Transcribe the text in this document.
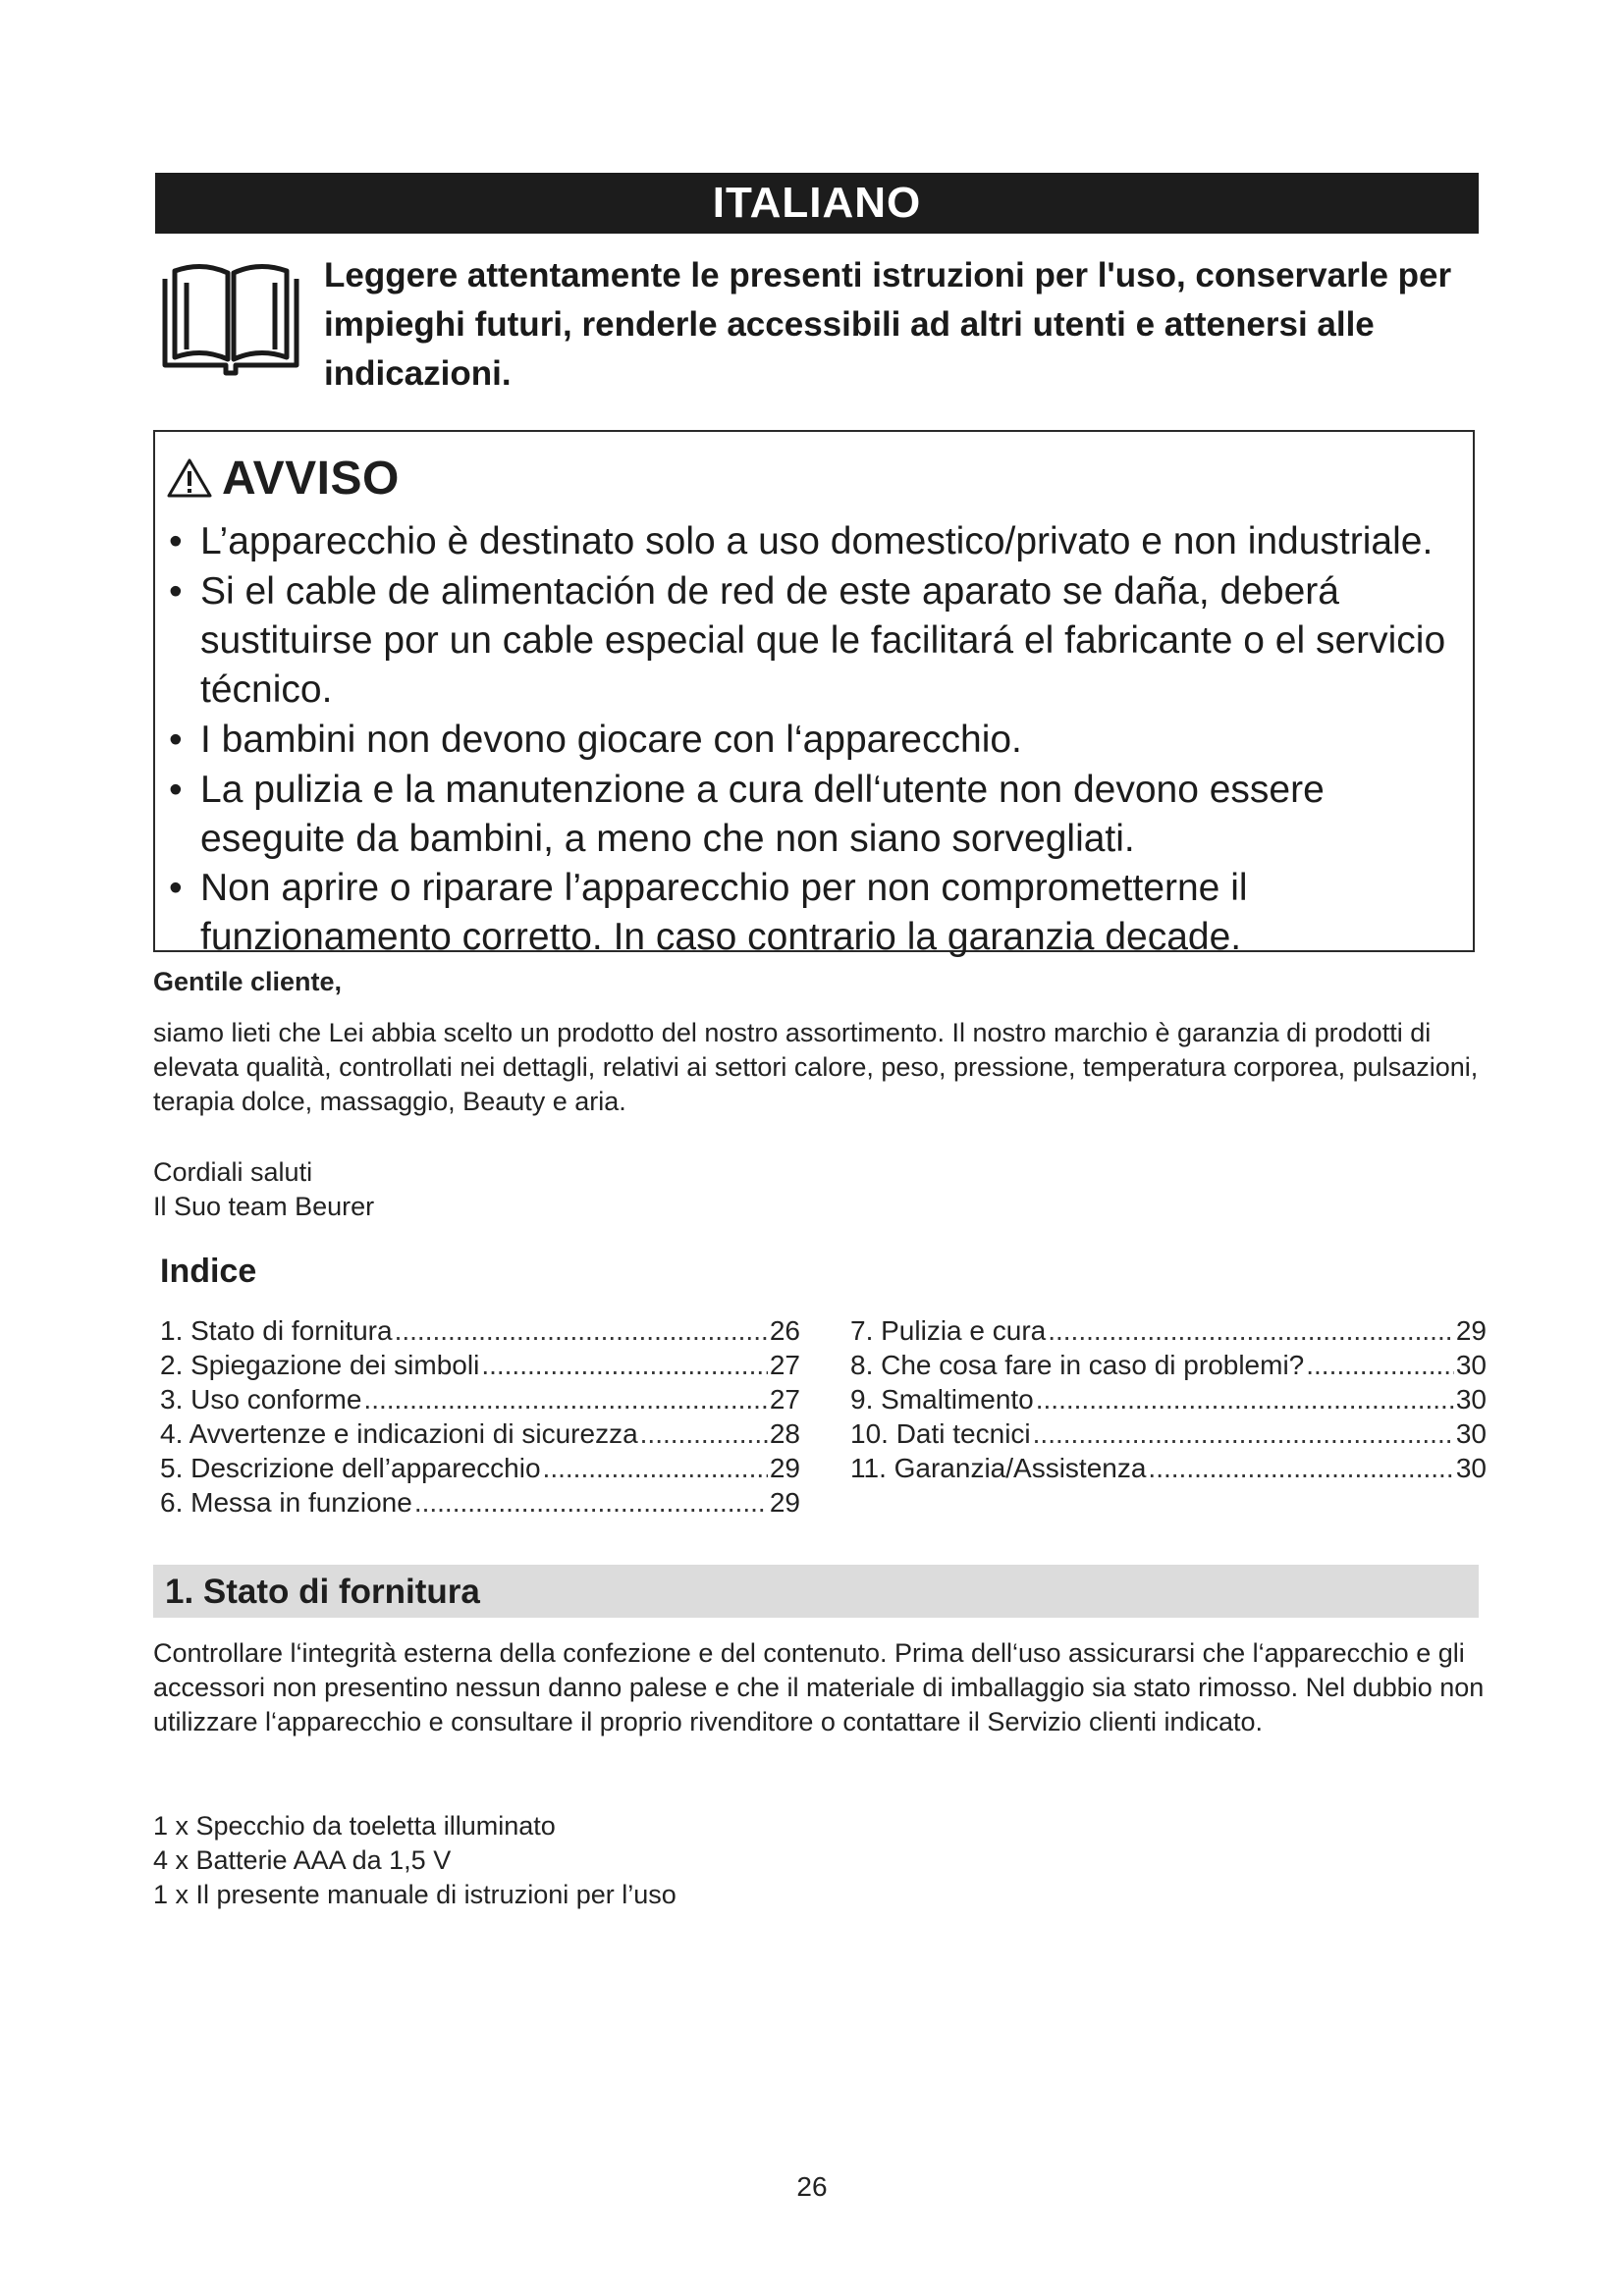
ITALIANO
Leggere attentamente le presenti istruzioni per l'uso, conservarle per impieghi futuri, renderle accessibili ad altri utenti e attenersi alle indicazioni.
AVVISO
• L’apparecchio è destinato solo a uso domestico/privato e non industriale.
• Si el cable de alimentación de red de este aparato se daña, deberá sustituirse por un cable especial que le facilitará el fabricante o el servicio técnico.
• I bambini non devono giocare con l‘apparecchio.
• La pulizia e la manutenzione a cura dell‘utente non devono essere eseguite da bambini, a meno che non siano sorvegliati.
• Non aprire o riparare l’apparecchio per non comprometterne il funzionamento corretto. In caso contrario la garanzia decade.
Gentile cliente,
siamo lieti che Lei abbia scelto un prodotto del nostro assortimento. Il nostro marchio è garanzia di prodotti di elevata qualità, controllati nei dettagli, relativi ai settori calore, peso, pressione, temperatura corporea, pulsazioni, terapia dolce, massaggio, Beauty e aria.
Cordiali saluti
Il Suo team Beurer
Indice
1. Stato di fornitura .....	26
2. Spiegazione dei simboli .....	27
3. Uso conforme .....	27
4. Avvertenze e indicazioni di sicurezza .....	28
5. Descrizione dell’apparecchio .....	29
6. Messa in funzione .....	29
7. Pulizia e cura .....	29
8. Che cosa fare in caso di problemi? .....	30
9. Smaltimento .....	30
10. Dati tecnici .....	30
11. Garanzia/Assistenza .....	30
1. Stato di fornitura
Controllare l‘integrità esterna della confezione e del contenuto. Prima dell‘uso assicurarsi che l‘apparecchio e gli accessori non presentino nessun danno palese e che il materiale di imballaggio sia stato rimosso. Nel dubbio non utilizzare l‘apparecchio e consultare il proprio rivenditore o contattare il Servizio clienti indicato.
1 x Specchio da toeletta illuminato
4 x Batterie AAA da 1,5 V
1 x Il presente manuale di istruzioni per l’uso
26
